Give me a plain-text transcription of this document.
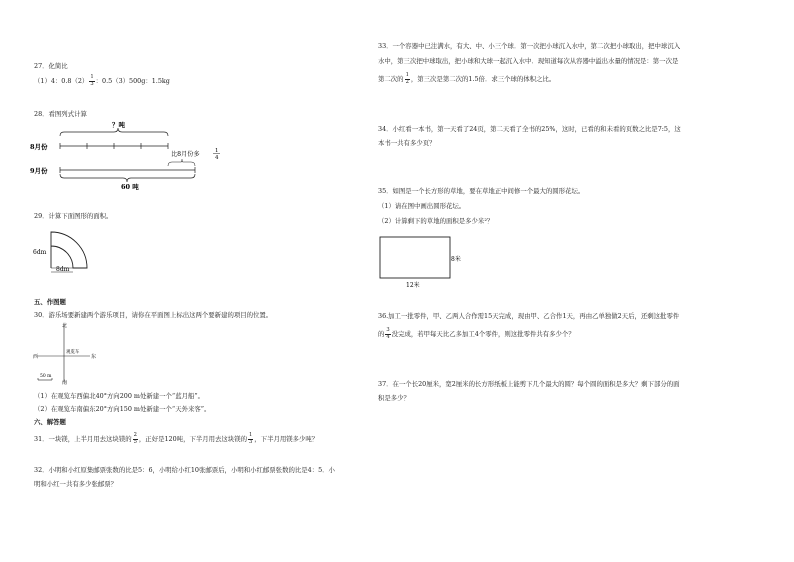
27．化简比
（1）4：$0.8(2) \frac{1}{3}$ ：0.5（3）500g：1.5kg
28．看图列式计算
？吨
8月份
9月份
比8月份多	1
4
60 吨
29．计算下面图形的面积。
6dm
8dm
五、作图题
30．游乐场要新建两个游乐项目，请你在平面图上标出这两个要新建的项目的位置。
北
西	东
南
观览车
50 m
（1）在观览车西偏北40°方向200 m处新建一个“蓝月船”。
（2）在观览车南偏东20°方向150 m处新建一个“天外来客”。
六、解答题
31．一块镁，上半月用去这块镁的 $\frac{2}{5}$ ，正好是120吨，下半月用去这块镁的 $\frac{1}{3}$ ，下半月用镁多少吨？
32．小明和小红原集邮票张数的比是5：6，小明给小红10张邮票后，小明和小红邮票张数的比是4：5．小
明和小红一共有多少张邮票？
33．一个容器中已注满水，有大、中、小三个球．第一次把小球沉入水中，第二次把小球取出，把中球沉入
水中，第三次把中球取出，把小球和大球一起沉入水中．现知道每次从容器中溢出水量的情况是：第一次是
第二次的 $\frac{1}{2}$ ，第三次是第二次的1.5倍．求三个球的体积之比。
34．小红看一本书，第一天看了24页，第二天看了全书的25%，这时，已看的和未看的页数之比是7:5，这
本书一共有多少页？
35．如图是一个长方形的草地，要在草地正中间修一个最大的圆形花坛。
（1）请在图中画出圆形花坛。
（2）计算剩下的草地的面积是多少米²？
8米
12米
36.加工一批零件，甲、乙两人合作需15天完成，现由甲、乙合作1天，再由乙单独做2天后，还剩这批零件
的 $\frac{3}{4}$ 没完成，若甲每天比乙多加工4个零件，则这批零件共有多少个？
37．在一个长20厘米，宽2厘米的长方形纸板上能剪下几个最大的圆？每个圆的面积是多大？剩下部分的面
积是多少？
